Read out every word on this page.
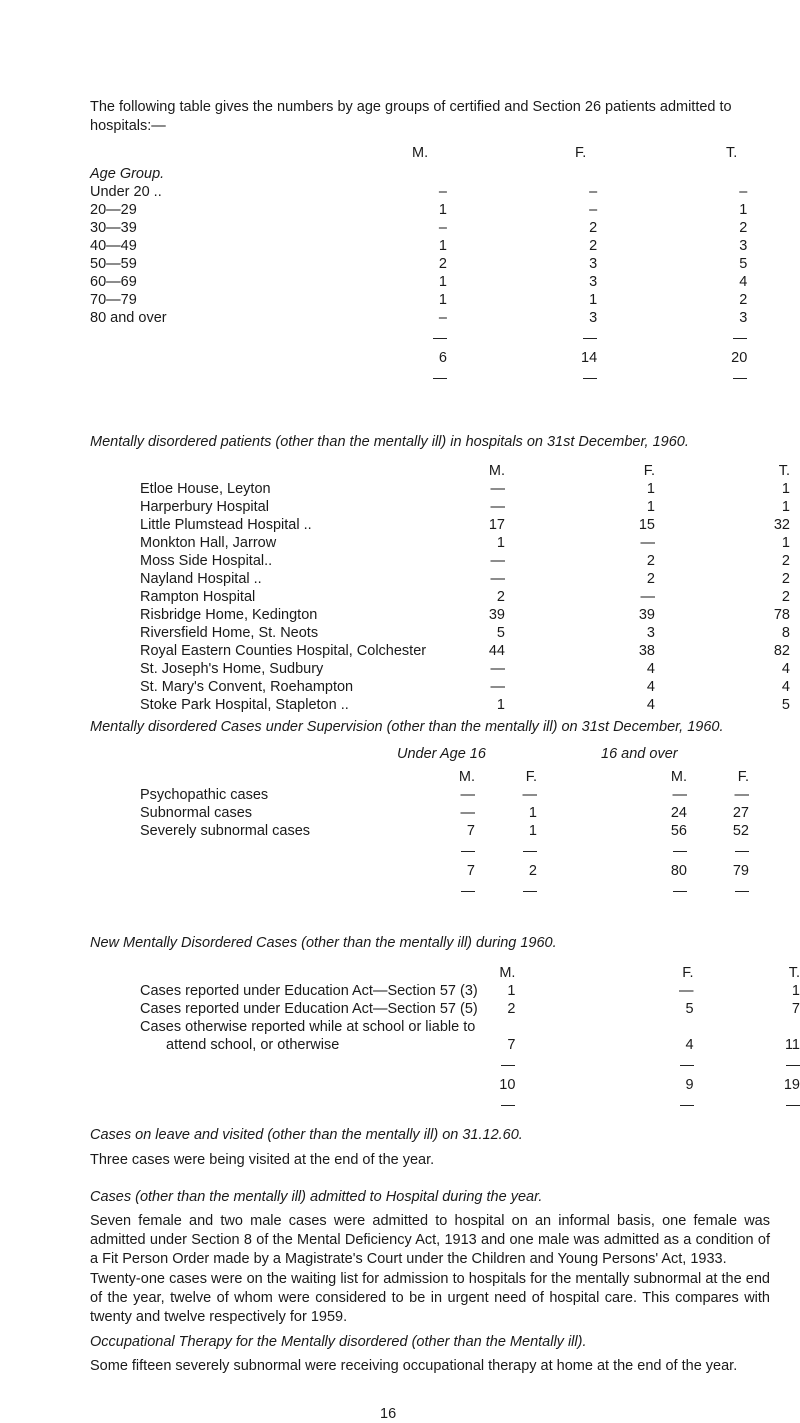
The following table gives the numbers by age groups of certified and Section 26 patients admitted to hospitals:—
M.	F.	T.
Age Group.
Under 20 ..	–		–		–
20—29	1		–		1
30—39	–		2		2
40—49	1		2		3
50—59	2		3		5
60—69	1		3		4
70—79	1		1		2
80 and over	–		3		3

	6		14		20

Mentally disordered patients (other than the mentally ill) in hospitals on 31st December, 1960.
	M.		F.	T.
Etloe House, Leyton	—		1	1
Harperbury Hospital	—		1	1
Little Plumstead Hospital ..	17		15	32
Monkton Hall, Jarrow	1		—	1
Moss Side Hospital..	—		2	2
Nayland Hospital ..	—		2	2
Rampton Hospital	2		—	2
Risbridge Home, Kedington	39		39	78
Riversfield Home, St. Neots	5		3	8
Royal Eastern Counties Hospital, Colchester	44		38	82
St. Joseph's Home, Sudbury	—		4	4
St. Mary's Convent, Roehampton	—		4	4
Stoke Park Hospital, Stapleton ..	1		4	5
Mentally disordered Cases under Supervision (other than the mentally ill) on 31st December, 1960.
Under Age 16	16 and over
	M.	F.	M.	F.
Psychopathic cases	—	—	—	—
Subnormal cases	—	1	24	27
Severely subnormal cases	7	1	56	52

	7	2	80	79

New Mentally Disordered Cases (other than the mentally ill) during 1960.
	M.		F.	T.
Cases reported under Education Act—Section 57 (3)	1		—	1
Cases reported under Education Act—Section 57 (5)	2		5	7
Cases otherwise reported while at school or liable to				
attend school, or otherwise	7		4	11

	10		9	19

Cases on leave and visited (other than the mentally ill) on 31.12.60.
Three cases were being visited at the end of the year.
Cases (other than the mentally ill) admitted to Hospital during the year.
Seven female and two male cases were admitted to hospital on an informal basis, one female was admitted under Section 8 of the Mental Deficiency Act, 1913 and one male was admitted as a condition of a Fit Person Order made by a Magistrate's Court under the Children and Young Persons' Act, 1933.
Twenty-one cases were on the waiting list for admission to hospitals for the mentally subnormal at the end of the year, twelve of whom were considered to be in urgent need of hospital care. This compares with twenty and twelve respectively for 1959.
Occupational Therapy for the Mentally disordered (other than the Mentally ill).
Some fifteen severely subnormal were receiving occupational therapy at home at the end of the year.
16
